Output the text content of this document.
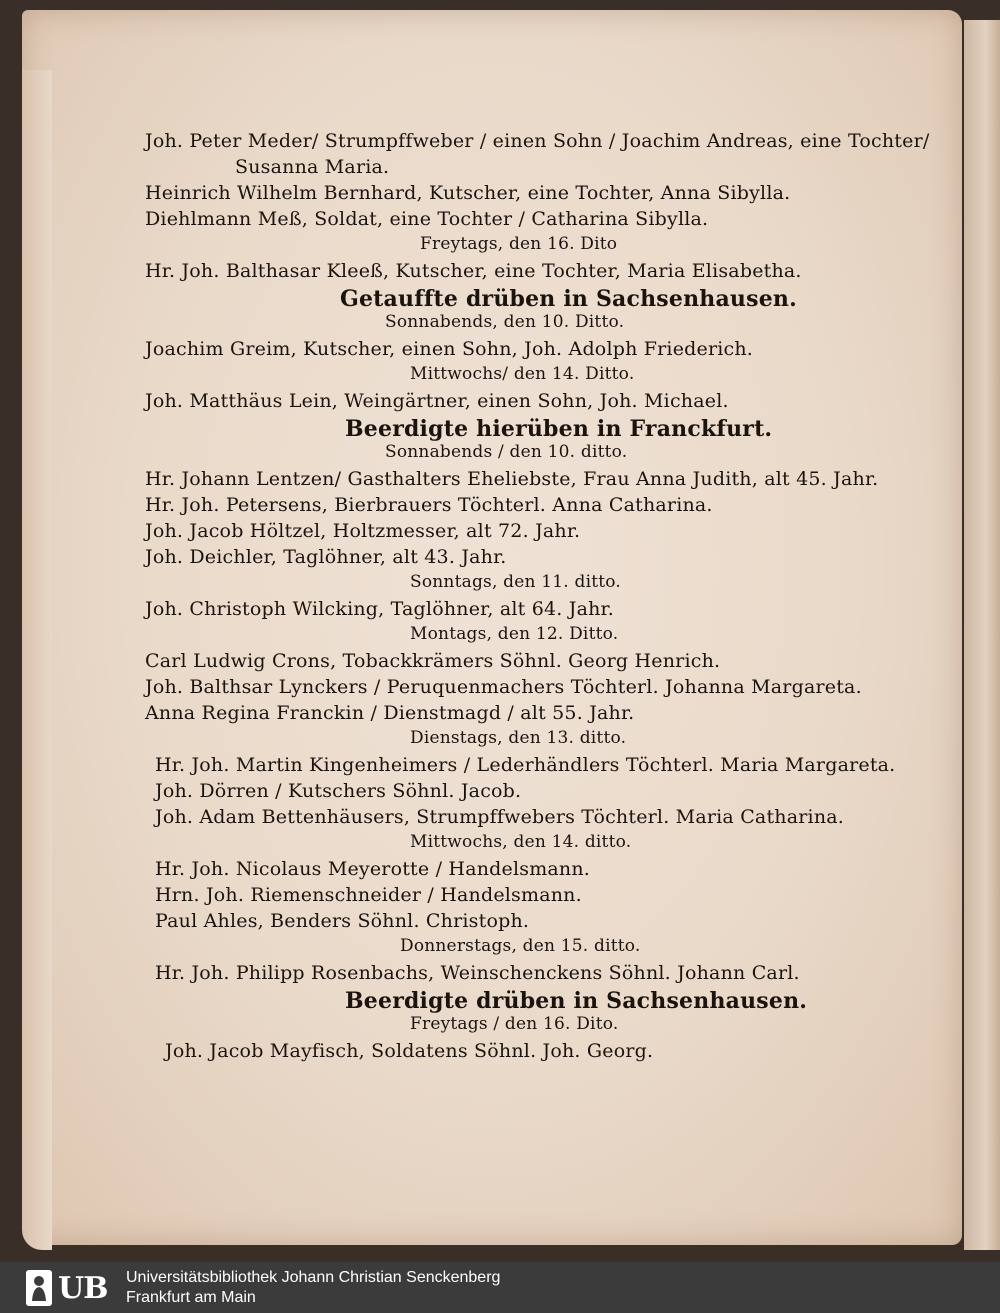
Joh. Peter Meder/ Strumpffweber / einen Sohn / Joachim Andreas, eine Tochter/
Susanna Maria.
Heinrich Wilhelm Bernhard, Kutscher, eine Tochter, Anna Sibylla.
Diehlmann Meß, Soldat, eine Tochter / Catharina Sibylla.
Freytags, den 16. Dito
Hr. Joh. Balthasar Kleeß, Kutscher, eine Tochter, Maria Elisabetha.
Getauffte drüben in Sachsenhausen.
Sonnabends, den 10. Ditto.
Joachim Greim, Kutscher, einen Sohn, Joh. Adolph Friederich.
Mittwochs/ den 14. Ditto.
Joh. Matthäus Lein, Weingärtner, einen Sohn, Joh. Michael.
Beerdigte hierüben in Franckfurt.
Sonnabends / den 10. ditto.
Hr. Johann Lentzen/ Gasthalters Eheliebste, Frau Anna Judith, alt 45. Jahr.
Hr. Joh. Petersens, Bierbrauers Töchterl. Anna Catharina.
Joh. Jacob Höltzel, Holtzmesser, alt 72. Jahr.
Joh. Deichler, Taglöhner, alt 43. Jahr.
Sonntags, den 11. ditto.
Joh. Christoph Wilcking, Taglöhner, alt 64. Jahr.
Montags, den 12. Ditto.
Carl Ludwig Crons, Tobackkrämers Söhnl. Georg Henrich.
Joh. Balthsar Lynckers / Peruquenmachers Töchterl. Johanna Margareta.
Anna Regina Franckin / Dienstmagd / alt 55. Jahr.
Dienstags, den 13. ditto.
Hr. Joh. Martin Kingenheimers / Lederhändlers Töchterl. Maria Margareta.
Joh. Dörren / Kutschers Söhnl. Jacob.
Joh. Adam Bettenhäusers, Strumpffwebers Töchterl. Maria Catharina.
Mittwochs, den 14. ditto.
Hr. Joh. Nicolaus Meyerotte / Handelsmann.
Hrn. Joh. Riemenschneider / Handelsmann.
Paul Ahles, Benders Söhnl. Christoph.
Donnerstags, den 15. ditto.
Hr. Joh. Philipp Rosenbachs, Weinschenckens Söhnl. Johann Carl.
Beerdigte drüben in Sachsenhausen.
Freytags / den 16. Dito.
Joh. Jacob Mayfisch, Soldatens Söhnl. Joh. Georg.
UB Universitätsbibliothek Johann Christian Senckenberg
Frankfurt am Main
